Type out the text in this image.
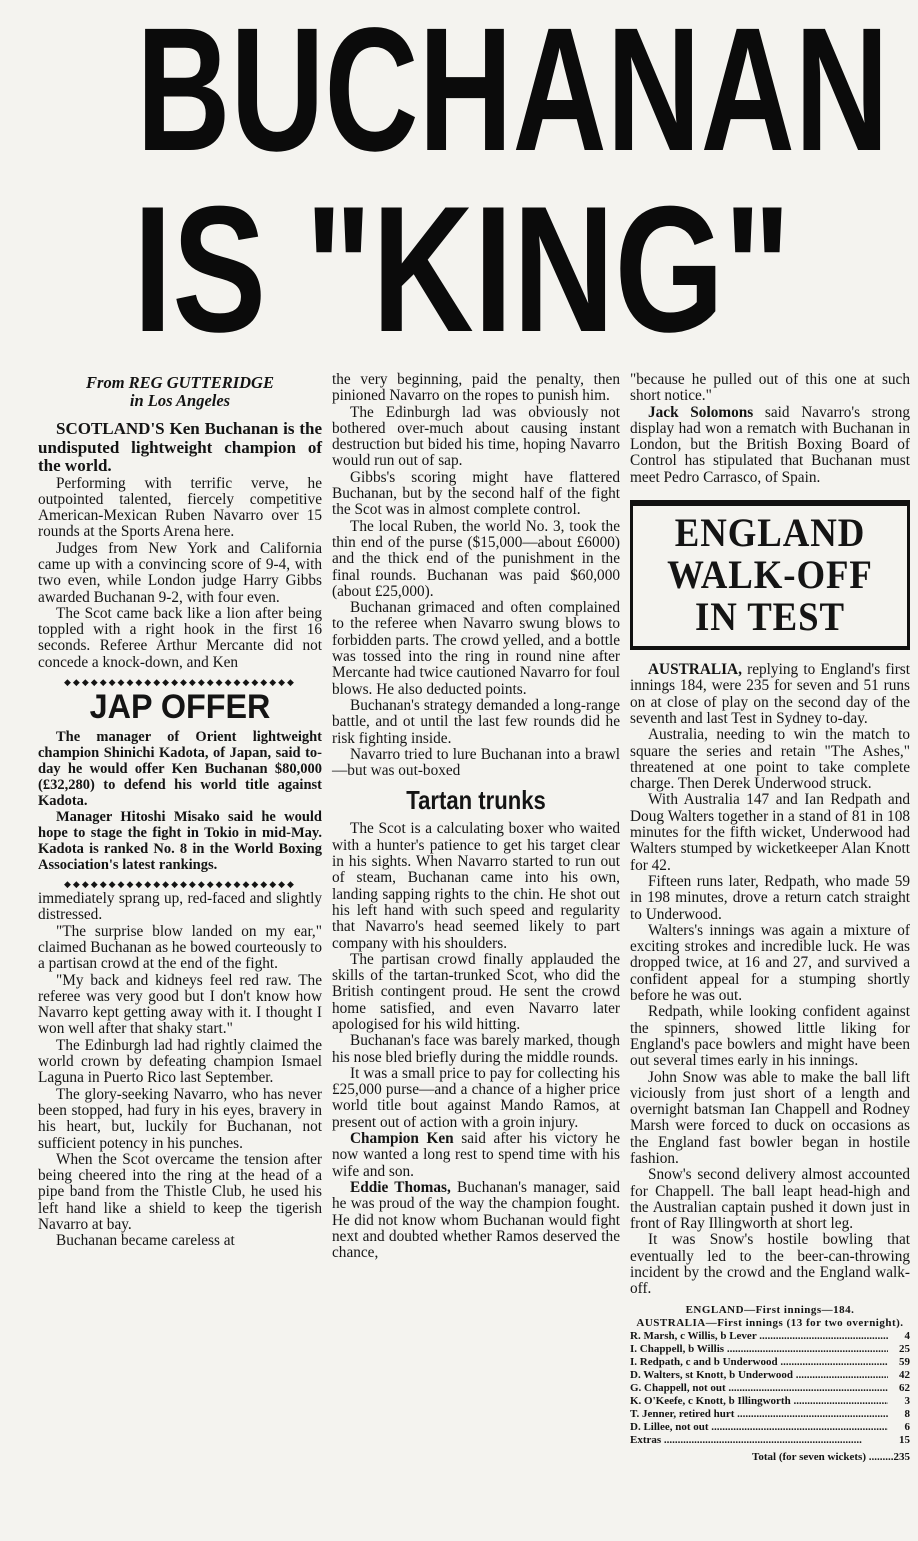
BUCHANAN
IS "KING"
From REG GUTTERIDGE
in Los Angeles

SCOTLAND'S Ken Buchanan is the undisputed lightweight champion of the world.

Performing with terrific verve, he outpointed talented, fiercely competitive American-Mexican Ruben Navarro over 15 rounds at the Sports Arena here.

Judges from New York and California came up with a convincing score of 9-4, with two even, while London judge Harry Gibbs awarded Buchanan 9-2, with four even.

The Scot came back like a lion after being toppled with a right hook in the first 16 seconds. Referee Arthur Mercante did not concede a knock-down, and Ken

◆◆◆◆◆◆◆◆◆◆◆◆◆◆◆◆◆◆◆◆◆◆◆◆◆◆
JAP OFFER

The manager of Orient lightweight champion Shinichi Kadota, of Japan, said to-day he would offer Ken Buchanan $80,000 (£32,280) to defend his world title against Kadota.

Manager Hitoshi Misako said he would hope to stage the fight in Tokio in mid-May. Kadota is ranked No. 8 in the World Boxing Association's latest rankings.

◆◆◆◆◆◆◆◆◆◆◆◆◆◆◆◆◆◆◆◆◆◆◆◆◆◆

immediately sprang up, red-faced and slightly distressed.

"The surprise blow landed on my ear," claimed Buchanan as he bowed courteously to a partisan crowd at the end of the fight.

"My back and kidneys feel red raw. The referee was very good but I don't know how Navarro kept getting away with it. I thought I won well after that shaky start."

The Edinburgh lad had rightly claimed the world crown by defeating champion Ismael Laguna in Puerto Rico last September.

The glory-seeking Navarro, who has never been stopped, had fury in his eyes, bravery in his heart, but, luckily for Buchanan, not sufficient potency in his punches.

When the Scot overcame the tension after being cheered into the ring at the head of a pipe band from the Thistle Club, he used his left hand like a shield to keep the tigerish Navarro at bay.

Buchanan became careless at

the very beginning, paid the penalty, then pinioned Navarro on the ropes to punish him.

The Edinburgh lad was obviously not bothered over-much about causing instant destruction but bided his time, hoping Navarro would run out of sap.

Gibbs's scoring might have flattered Buchanan, but by the second half of the fight the Scot was in almost complete control.

The local Ruben, the world No. 3, took the thin end of the purse ($15,000—about £6000) and the thick end of the punishment in the final rounds. Buchanan was paid $60,000 (about £25,000).

Buchanan grimaced and often complained to the referee when Navarro swung blows to forbidden parts. The crowd yelled, and a bottle was tossed into the ring in round nine after Mercante had twice cautioned Navarro for foul blows. He also deducted points.

Buchanan's strategy demanded a long-range battle, and ot until the last few rounds did he risk fighting inside.

Navarro tried to lure Buchanan into a brawl—but was out-boxed

Tartan trunks

The Scot is a calculating boxer who waited with a hunter's patience to get his target clear in his sights. When Navarro started to run out of steam, Buchanan came into his own, landing sapping rights to the chin. He shot out his left hand with such speed and regularity that Navarro's head seemed likely to part company with his shoulders.

The partisan crowd finally applauded the skills of the tartan-trunked Scot, who did the British contingent proud. He sent the crowd home satisfied, and even Navarro later apologised for his wild hitting.

Buchanan's face was barely marked, though his nose bled briefly during the middle rounds.

It was a small price to pay for collecting his £25,000 purse—and a chance of a higher price world title bout against Mando Ramos, at present out of action with a groin injury.

Champion Ken said after his victory he now wanted a long rest to spend time with his wife and son.

Eddie Thomas, Buchanan's manager, said he was proud of the way the champion fought. He did not know whom Buchanan would fight next and doubted whether Ramos deserved the chance,

"because he pulled out of this one at such short notice."

Jack Solomons said Navarro's strong display had won a rematch with Buchanan in London, but the British Boxing Board of Control has stipulated that Buchanan must meet Pedro Carrasco, of Spain.

ENGLAND
WALK-OFF
IN TEST

AUSTRALIA, replying to England's first innings 184, were 235 for seven and 51 runs on at close of play on the second day of the seventh and last Test in Sydney to-day.

Australia, needing to win the match to square the series and retain "The Ashes," threatened at one point to take complete charge. Then Derek Underwood struck.

With Australia 147 and Ian Redpath and Doug Walters together in a stand of 81 in 108 minutes for the fifth wicket, Underwood had Walters stumped by wicketkeeper Alan Knott for 42.

Fifteen runs later, Redpath, who made 59 in 198 minutes, drove a return catch straight to Underwood.

Walters's innings was again a mixture of exciting strokes and incredible luck. He was dropped twice, at 16 and 27, and survived a confident appeal for a stumping shortly before he was out.

Redpath, while looking confident against the spinners, showed little liking for England's pace bowlers and might have been out several times early in his innings.

John Snow was able to make the ball lift viciously from just short of a length and overnight batsman Ian Chappell and Rodney Marsh were forced to duck on occasions as the England fast bowler began in hostile fashion.

Snow's second delivery almost accounted for Chappell. The ball leapt head-high and the Australian captain pushed it down just in front of Ray Illingworth at short leg.

It was Snow's hostile bowling that eventually led to the beer-can-throwing incident by the crowd and the England walk-off.

ENGLAND—First innings—184.
AUSTRALIA—First innings (13 for two overnight).
R. Marsh, c Willis, b Lever .....	4
I. Chappell, b Willis .....	25
I. Redpath, c and b Underwood .....	59
D. Walters, st Knott, b Underwood .....	42
G. Chappell, not out .....	62
K. O'Keefe, c Knott, b Illingworth .....	3
T. Jenner, retired hurt .....	8
D. Lillee, not out .....	6
Extras .....	15
Total (for seven wickets) .........235
